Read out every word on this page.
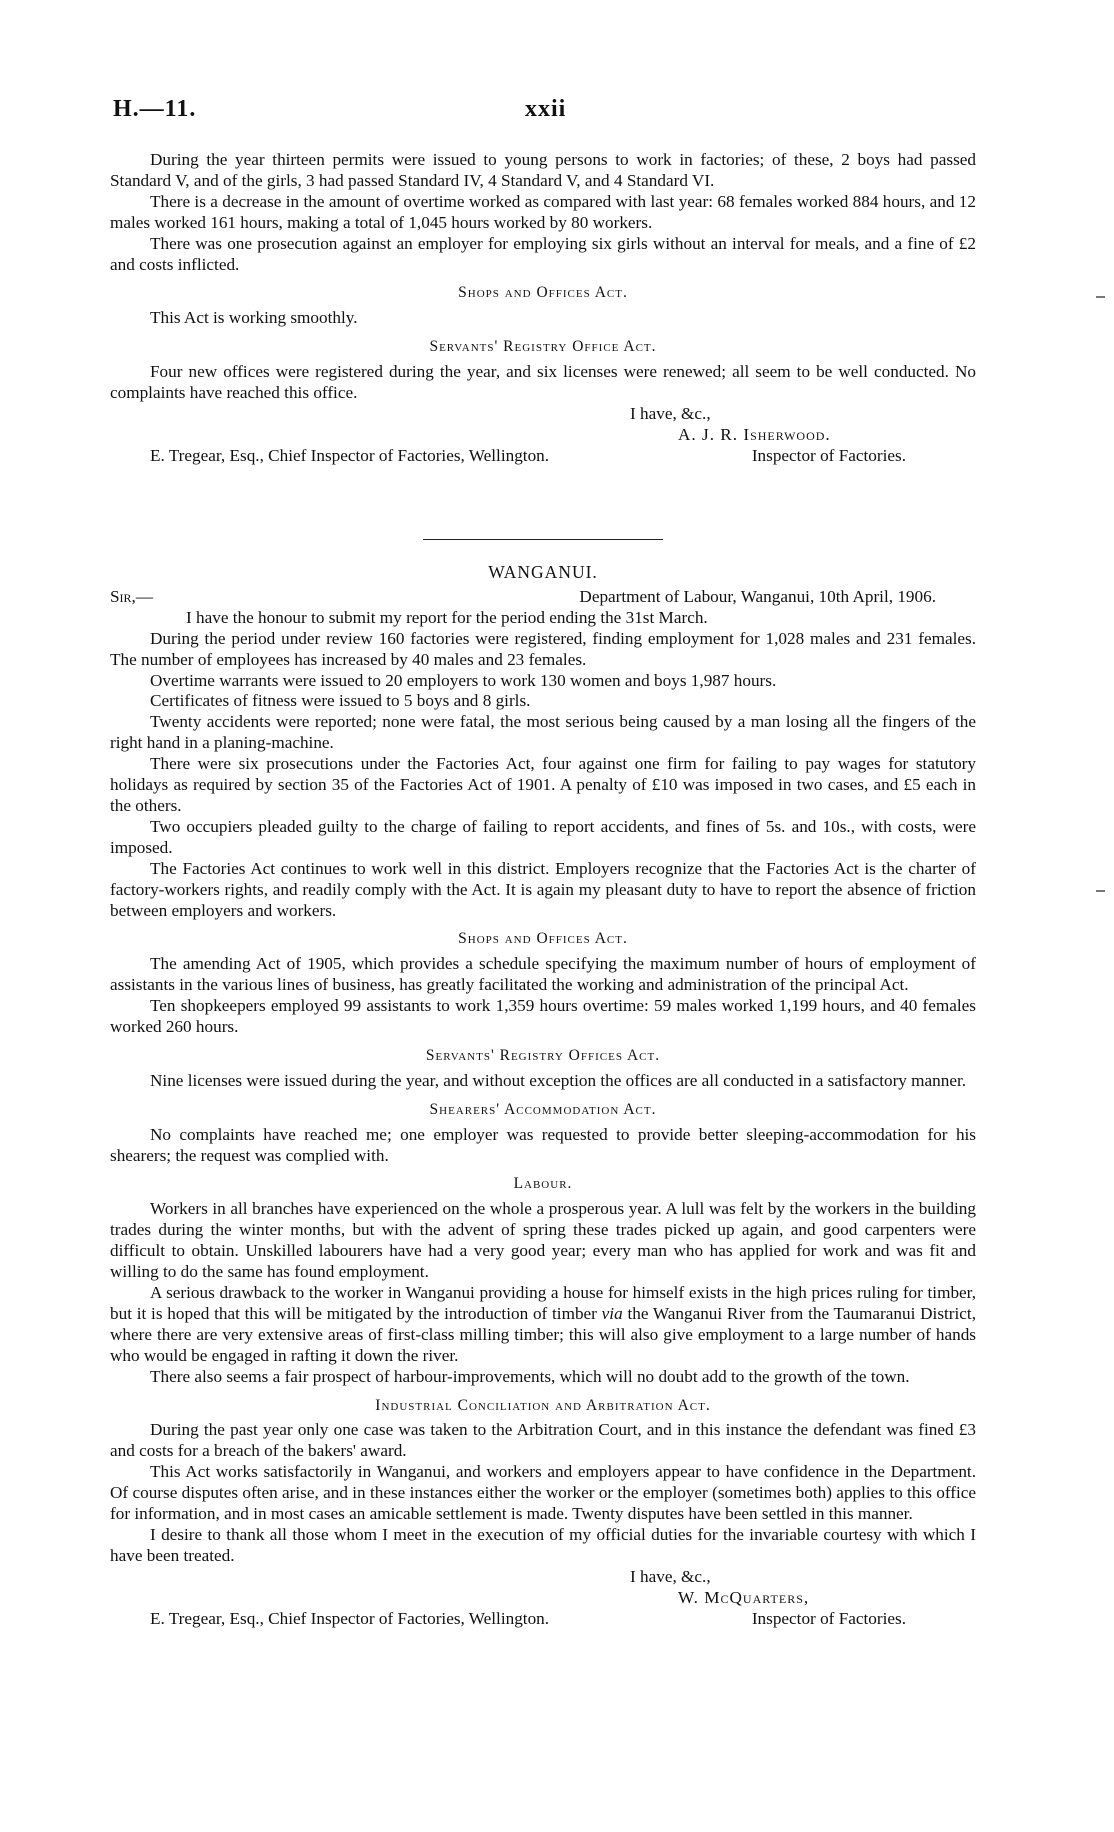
H.—11.	xxii

During the year thirteen permits were issued to young persons to work in factories; of these, 2 boys had passed Standard V, and of the girls, 3 had passed Standard IV, 4 Standard V, and 4 Standard VI.

There is a decrease in the amount of overtime worked as compared with last year: 68 females worked 884 hours, and 12 males worked 161 hours, making a total of 1,045 hours worked by 80 workers.

There was one prosecution against an employer for employing six girls without an interval for meals, and a fine of £2 and costs inflicted.

Shops and Offices Act.

This Act is working smoothly.

Servants' Registry Office Act.

Four new offices were registered during the year, and six licenses were renewed; all seem to be well conducted. No complaints have reached this office.

I have, &c.,
A. J. R. Isherwood.
E. Tregear, Esq., Chief Inspector of Factories, Wellington.	Inspector of Factories.
WANGANUI.
Sir,—	Department of Labour, Wanganui, 10th April, 1906.
I have the honour to submit my report for the period ending the 31st March.

During the period under review 160 factories were registered, finding employment for 1,028 males and 231 females. The number of employees has increased by 40 males and 23 females.

Overtime warrants were issued to 20 employers to work 130 women and boys 1,987 hours.

Certificates of fitness were issued to 5 boys and 8 girls.

Twenty accidents were reported; none were fatal, the most serious being caused by a man losing all the fingers of the right hand in a planing-machine.

There were six prosecutions under the Factories Act, four against one firm for failing to pay wages for statutory holidays as required by section 35 of the Factories Act of 1901. A penalty of £10 was imposed in two cases, and £5 each in the others.

Two occupiers pleaded guilty to the charge of failing to report accidents, and fines of 5s. and 10s., with costs, were imposed.

The Factories Act continues to work well in this district. Employers recognize that the Factories Act is the charter of factory-workers rights, and readily comply with the Act. It is again my pleasant duty to have to report the absence of friction between employers and workers.

Shops and Offices Act.

The amending Act of 1905, which provides a schedule specifying the maximum number of hours of employment of assistants in the various lines of business, has greatly facilitated the working and administration of the principal Act.

Ten shopkeepers employed 99 assistants to work 1,359 hours overtime: 59 males worked 1,199 hours, and 40 females worked 260 hours.

Servants' Registry Offices Act.

Nine licenses were issued during the year, and without exception the offices are all conducted in a satisfactory manner.

Shearers' Accommodation Act.

No complaints have reached me; one employer was requested to provide better sleeping-accommodation for his shearers; the request was complied with.

Labour.

Workers in all branches have experienced on the whole a prosperous year. A lull was felt by the workers in the building trades during the winter months, but with the advent of spring these trades picked up again, and good carpenters were difficult to obtain. Unskilled labourers have had a very good year; every man who has applied for work and was fit and willing to do the same has found employment.

A serious drawback to the worker in Wanganui providing a house for himself exists in the high prices ruling for timber, but it is hoped that this will be mitigated by the introduction of timber via the Wanganui River from the Taumaranui District, where there are very extensive areas of first-class milling timber; this will also give employment to a large number of hands who would be engaged in rafting it down the river.

There also seems a fair prospect of harbour-improvements, which will no doubt add to the growth of the town.

Industrial Conciliation and Arbitration Act.

During the past year only one case was taken to the Arbitration Court, and in this instance the defendant was fined £3 and costs for a breach of the bakers' award.

This Act works satisfactorily in Wanganui, and workers and employers appear to have confidence in the Department. Of course disputes often arise, and in these instances either the worker or the employer (sometimes both) applies to this office for information, and in most cases an amicable settlement is made. Twenty disputes have been settled in this manner.

I desire to thank all those whom I meet in the execution of my official duties for the invariable courtesy with which I have been treated.

I have, &c.,
W. McQuarters,
E. Tregear, Esq., Chief Inspector of Factories, Wellington.	Inspector of Factories.
